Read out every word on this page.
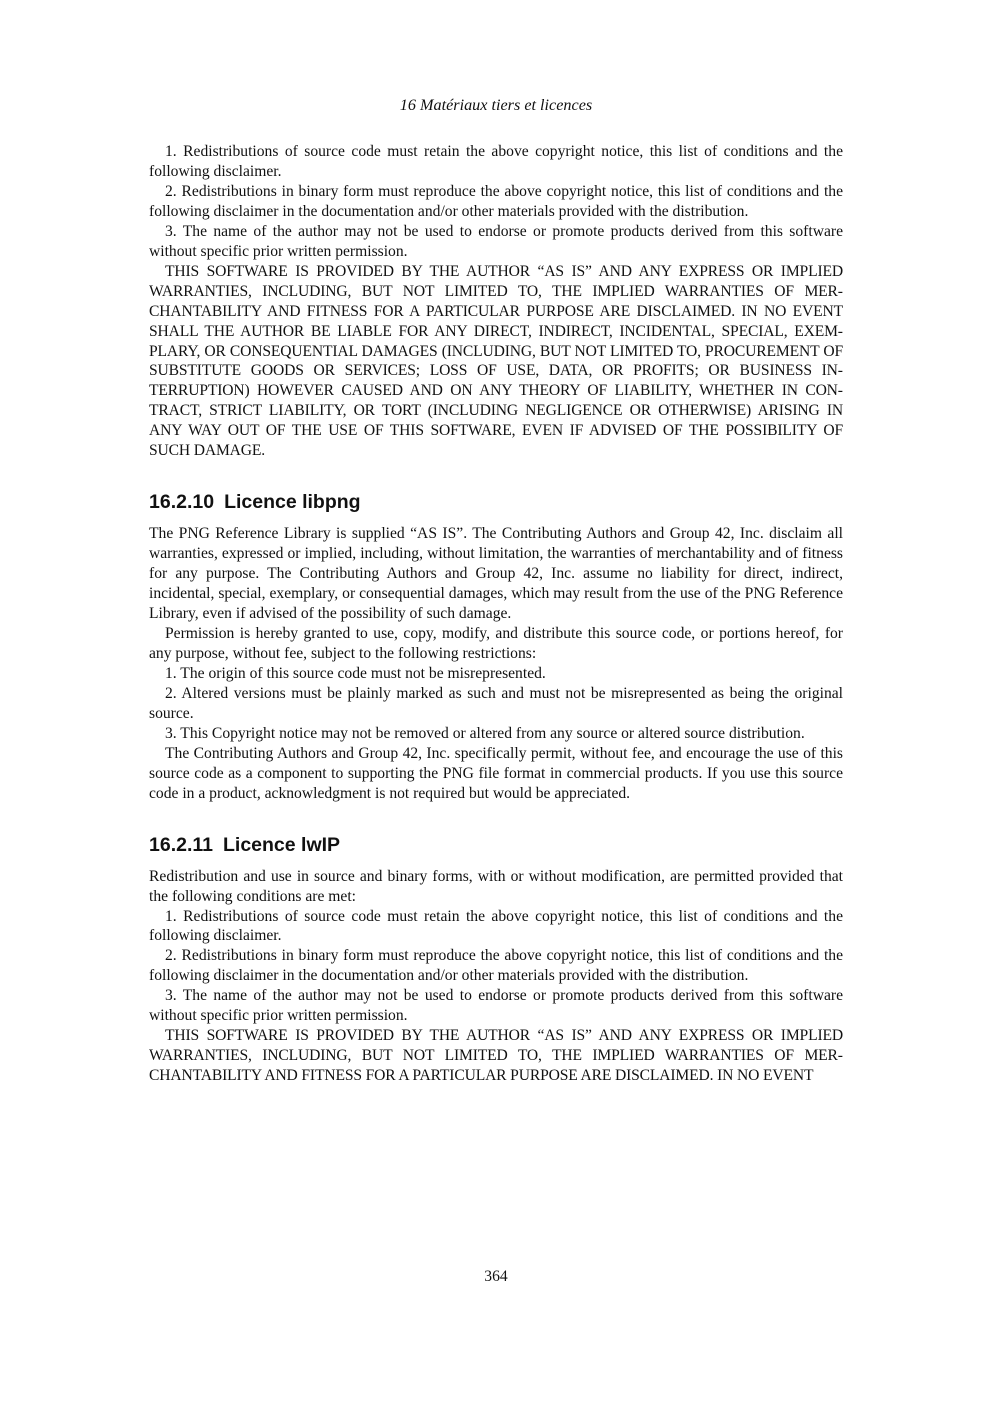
16 Matériaux tiers et licences

1. Redistributions of source code must retain the above copyright notice, this list of conditions and the following disclaimer.

2. Redistributions in binary form must reproduce the above copyright notice, this list of conditions and the following disclaimer in the documentation and/or other materials provided with the distribution.

3. The name of the author may not be used to endorse or promote products derived from this software without specific prior written permission.

THIS SOFTWARE IS PROVIDED BY THE AUTHOR “AS IS” AND ANY EXPRESS OR IMPLIED WARRANTIES, INCLUDING, BUT NOT LIMITED TO, THE IMPLIED WARRANTIES OF MERCHANTABILITY AND FITNESS FOR A PARTICULAR PURPOSE ARE DISCLAIMED. IN NO EVENT SHALL THE AUTHOR BE LIABLE FOR ANY DIRECT, INDIRECT, INCIDENTAL, SPECIAL, EXEMPLARY, OR CONSEQUENTIAL DAMAGES (INCLUDING, BUT NOT LIMITED TO, PROCUREMENT OF SUBSTITUTE GOODS OR SERVICES; LOSS OF USE, DATA, OR PROFITS; OR BUSINESS INTERRUPTION) HOWEVER CAUSED AND ON ANY THEORY OF LIABILITY, WHETHER IN CONTRACT, STRICT LIABILITY, OR TORT (INCLUDING NEGLIGENCE OR OTHERWISE) ARISING IN ANY WAY OUT OF THE USE OF THIS SOFTWARE, EVEN IF ADVISED OF THE POSSIBILITY OF SUCH DAMAGE.

16.2.10 Licence libpng

The PNG Reference Library is supplied “AS IS”. The Contributing Authors and Group 42, Inc. disclaim all warranties, expressed or implied, including, without limitation, the warranties of merchantability and of fitness for any purpose. The Contributing Authors and Group 42, Inc. assume no liability for direct, indirect, incidental, special, exemplary, or consequential damages, which may result from the use of the PNG Reference Library, even if advised of the possibility of such damage.

Permission is hereby granted to use, copy, modify, and distribute this source code, or portions hereof, for any purpose, without fee, subject to the following restrictions:

1. The origin of this source code must not be misrepresented.

2. Altered versions must be plainly marked as such and must not be misrepresented as being the original source.

3. This Copyright notice may not be removed or altered from any source or altered source distribution.

The Contributing Authors and Group 42, Inc. specifically permit, without fee, and encourage the use of this source code as a component to supporting the PNG file format in commercial products. If you use this source code in a product, acknowledgment is not required but would be appreciated.

16.2.11 Licence lwIP

Redistribution and use in source and binary forms, with or without modification, are permitted provided that the following conditions are met:

1. Redistributions of source code must retain the above copyright notice, this list of conditions and the following disclaimer.

2. Redistributions in binary form must reproduce the above copyright notice, this list of conditions and the following disclaimer in the documentation and/or other materials provided with the distribution.

3. The name of the author may not be used to endorse or promote products derived from this software without specific prior written permission.

THIS SOFTWARE IS PROVIDED BY THE AUTHOR “AS IS” AND ANY EXPRESS OR IMPLIED WARRANTIES, INCLUDING, BUT NOT LIMITED TO, THE IMPLIED WARRANTIES OF MERCHANTABILITY AND FITNESS FOR A PARTICULAR PURPOSE ARE DISCLAIMED. IN NO EVENT

364
